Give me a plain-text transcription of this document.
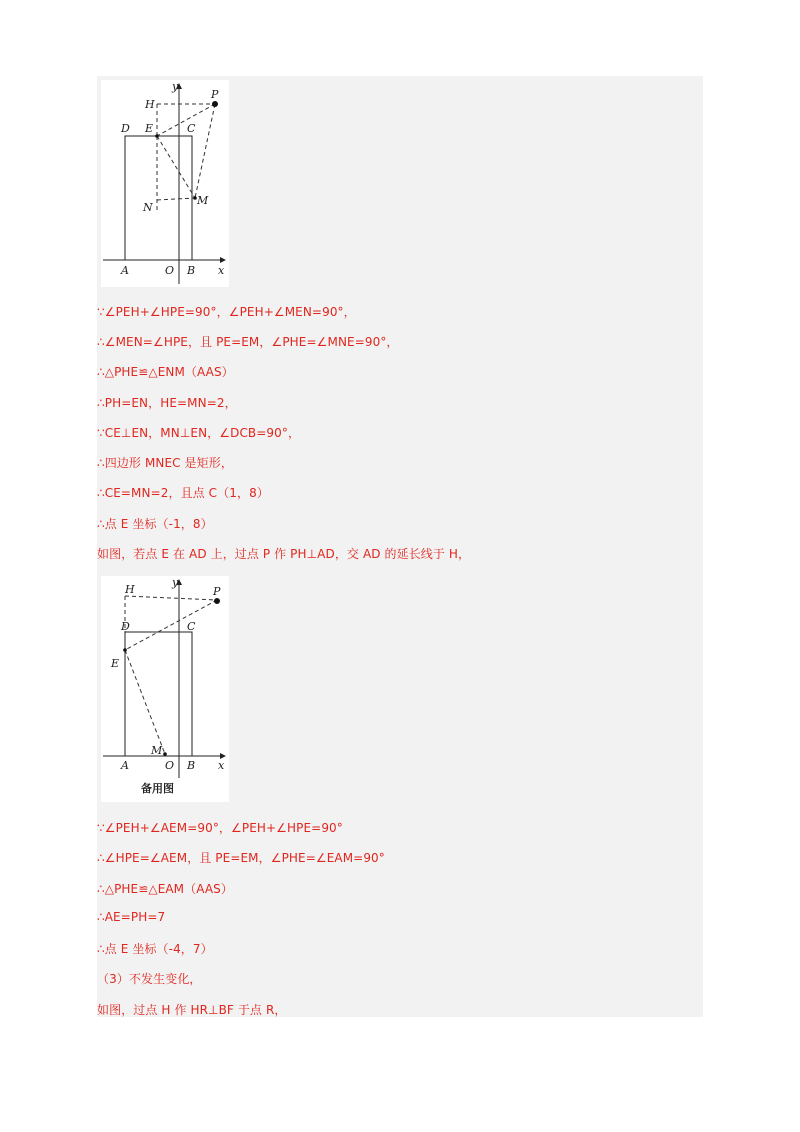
y
H
P
D E	C
N
M
A	O B x
∵∠PEH+∠HPE=90°，∠PEH+∠MEN=90°，
∴∠MEN=∠HPE，且 PE=EM，∠PHE=∠MNE=90°，
∴△PHE≌△ENM（AAS）
∴PH=EN，HE=MN=2，
∵CE⊥EN，MN⊥EN，∠DCB=90°，
∴四边形 MNEC 是矩形，
∴CE=MN=2，且点 C（1，8）
∴点 E 坐标（-1，8）
如图，若点 E 在 AD 上，过点 P 作 PH⊥AD，交 AD 的延长线于 H，
y
H	P
D	C
E
M
A	O B x
备用图
∵∠PEH+∠AEM=90°，∠PEH+∠HPE=90°
∴∠HPE=∠AEM，且 PE=EM，∠PHE=∠EAM=90°
∴△PHE≌△EAM（AAS）
∴AE=PH=7
∴点 E 坐标（-4，7）
（3）不发生变化，
如图，过点 H 作 HR⊥BF 于点 R，
